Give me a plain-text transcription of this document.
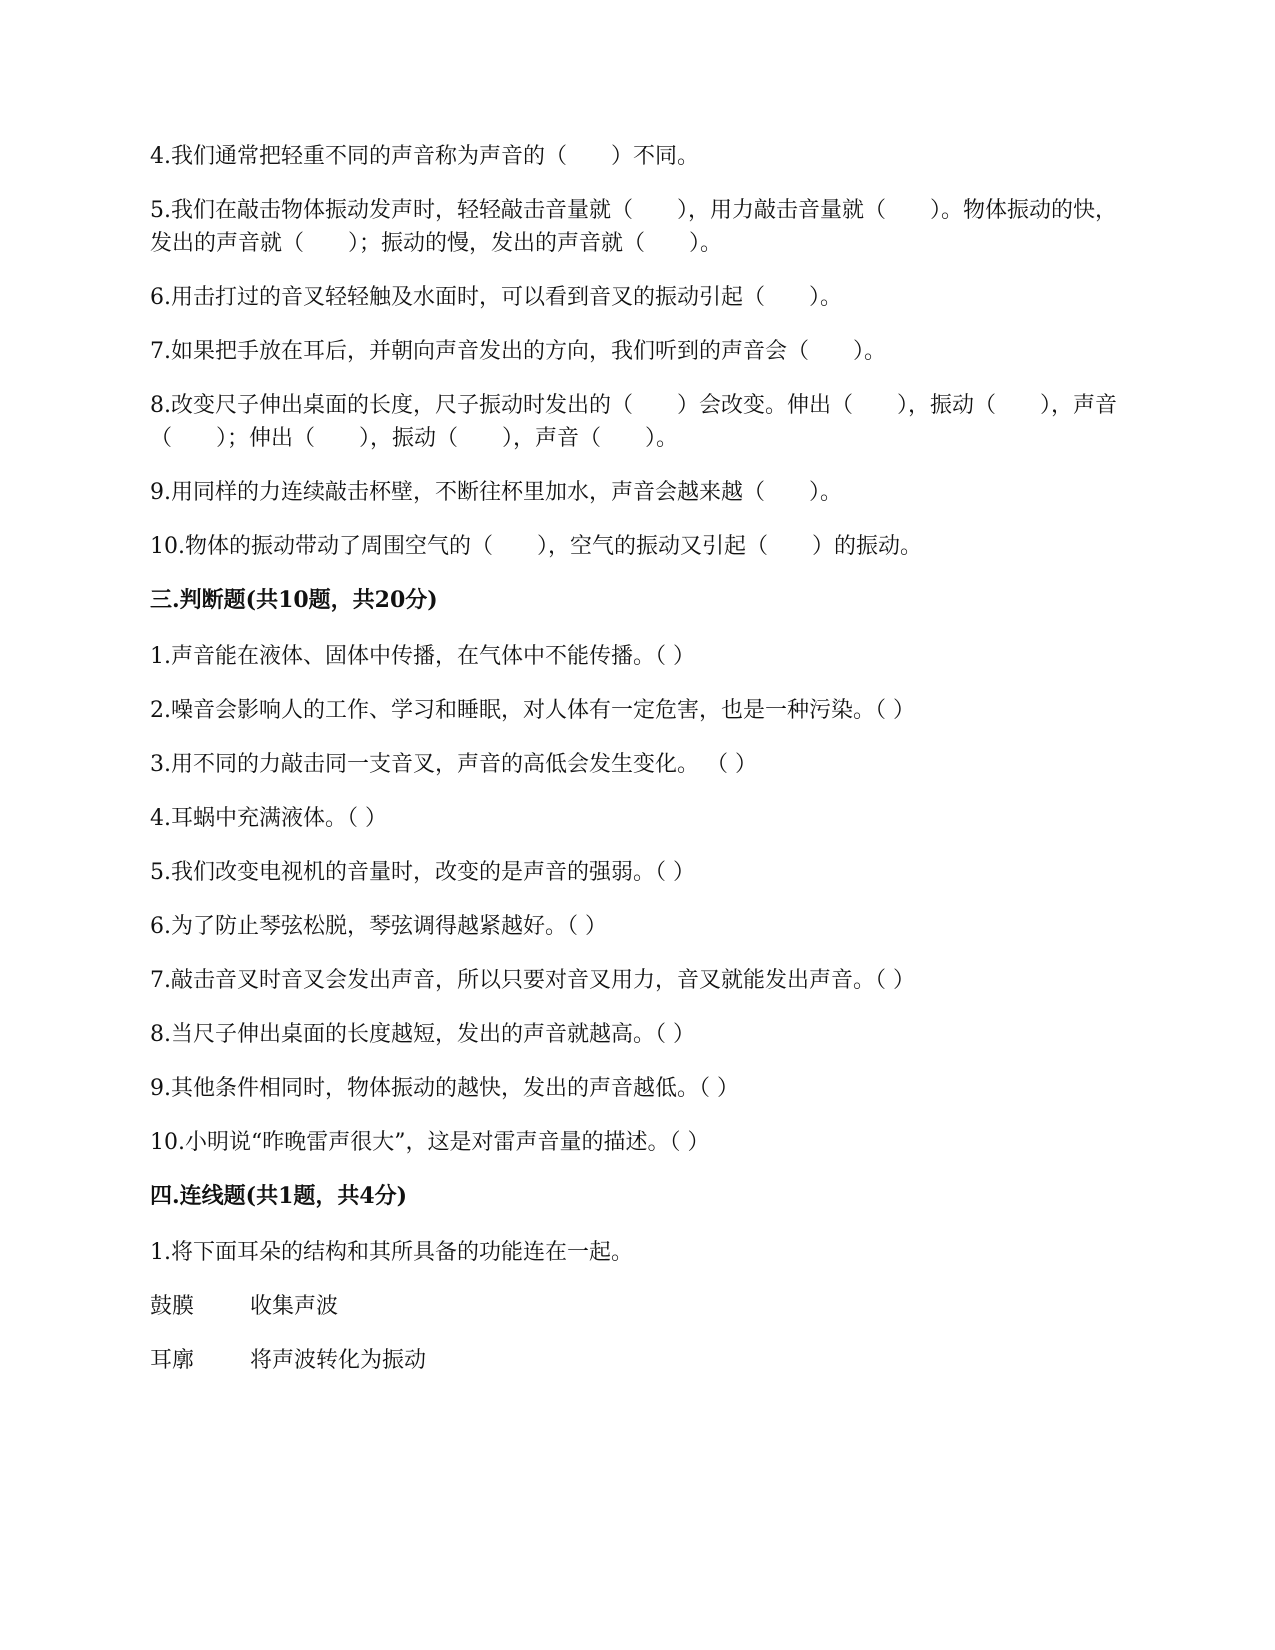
4.我们通常把轻重不同的声音称为声音的（　　）不同。

5.我们在敲击物体振动发声时，轻轻敲击音量就（　　），用力敲击音量就（　　）。物体振动的快，发出的声音就（　　）；振动的慢，发出的声音就（　　）。

6.用击打过的音叉轻轻触及水面时，可以看到音叉的振动引起（　　）。

7.如果把手放在耳后，并朝向声音发出的方向，我们听到的声音会（　　）。

8.改变尺子伸出桌面的长度，尺子振动时发出的（　　）会改变。伸出（　　），振动（　　），声音（　　）；伸出（　　），振动（　　），声音（　　）。

9.用同样的力连续敲击杯壁，不断往杯里加水，声音会越来越（　　）。

10.物体的振动带动了周围空气的（　　），空气的振动又引起（　　）的振动。

三.判断题(共10题，共20分)

1.声音能在液体、固体中传播，在气体中不能传播。（ ）

2.噪音会影响人的工作、学习和睡眠，对人体有一定危害，也是一种污染。（ ）

3.用不同的力敲击同一支音叉，声音的高低会发生变化。 （ ）

4.耳蜗中充满液体。（ ）

5.我们改变电视机的音量时，改变的是声音的强弱。（ ）

6.为了防止琴弦松脱，琴弦调得越紧越好。（ ）

7.敲击音叉时音叉会发出声音，所以只要对音叉用力，音叉就能发出声音。（ ）

8.当尺子伸出桌面的长度越短，发出的声音就越高。（ ）

9.其他条件相同时，物体振动的越快，发出的声音越低。（ ）

10.小明说“昨晚雷声很大”，这是对雷声音量的描述。（ ）

四.连线题(共1题，共4分)

1.将下面耳朵的结构和其所具备的功能连在一起。

鼓膜	收集声波
耳廓	将声波转化为振动
